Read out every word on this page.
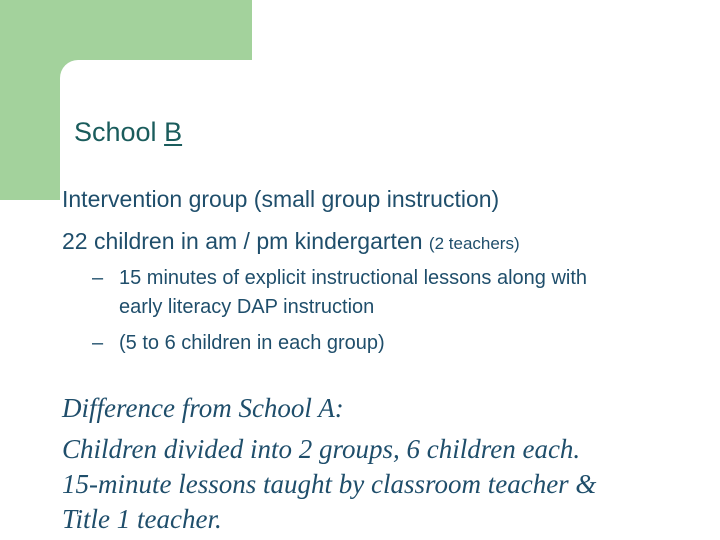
School B
Intervention group (small group instruction)
22 children in am / pm kindergarten (2 teachers)
– 15 minutes of explicit instructional lessons along with
early literacy DAP instruction
– (5 to 6 children in each group)
Difference from School A:
Children divided into 2 groups, 6 children each.
15-minute lessons taught by classroom teacher &
Title 1 teacher.
